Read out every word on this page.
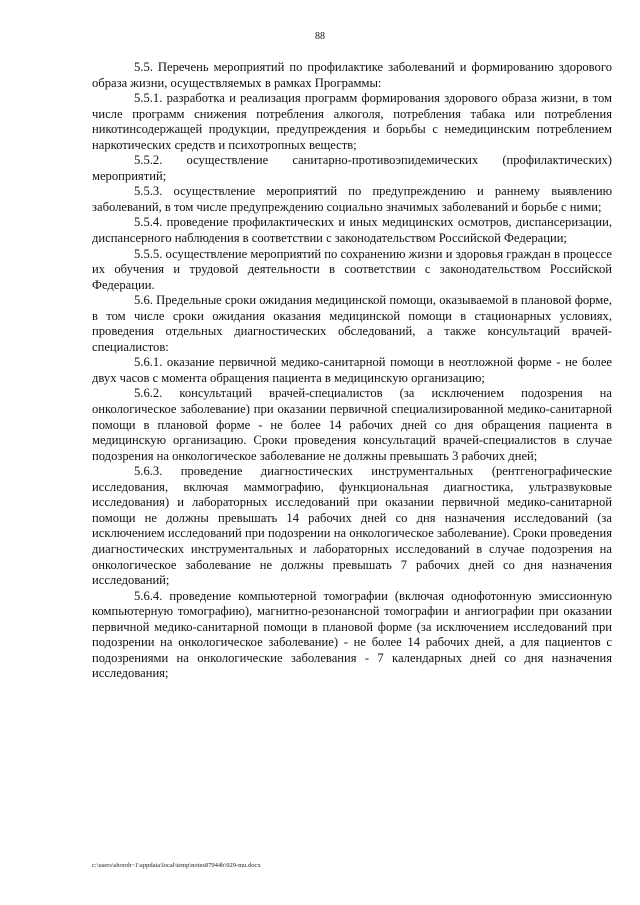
88

5.5. Перечень мероприятий по профилактике заболеваний и формированию здорового образа жизни, осуществляемых в рамках Программы:

5.5.1. разработка и реализация программ формирования здорового образа жизни, в том числе программ снижения потребления алкоголя, потребления табака или потребления никотинсодержащей продукции, предупреждения и борьбы с немедицинским потреблением наркотических средств и психотропных веществ;

5.5.2. осуществление санитарно-противоэпидемических (профилактических) мероприятий;

5.5.3. осуществление мероприятий по предупреждению и раннему выявлению заболеваний, в том числе предупреждению социально значимых заболеваний и борьбе с ними;

5.5.4. проведение профилактических и иных медицинских осмотров, диспансеризации, диспансерного наблюдения в соответствии с законодательством Российской Федерации;

5.5.5. осуществление мероприятий по сохранению жизни и здоровья граждан в процессе их обучения и трудовой деятельности в соответствии с законодательством Российской Федерации.

5.6. Предельные сроки ожидания медицинской помощи, оказываемой в плановой форме, в том числе сроки ожидания оказания медицинской помощи в стационарных условиях, проведения отдельных диагностических обследований, а также консультаций врачей-специалистов:

5.6.1. оказание первичной медико-санитарной помощи в неотложной форме - не более двух часов с момента обращения пациента в медицинскую организацию;

5.6.2. консультаций врачей-специалистов (за исключением подозрения на онкологическое заболевание) при оказании первичной специализированной медико-санитарной помощи в плановой форме - не более 14 рабочих дней со дня обращения пациента в медицинскую организацию. Сроки проведения консультаций врачей-специалистов в случае подозрения на онкологическое заболевание не должны превышать 3 рабочих дней;

5.6.3. проведение диагностических инструментальных (рентгенографические исследования, включая маммографию, функциональная диагностика, ультразвуковые исследования) и лабораторных исследований при оказании первичной медико-санитарной помощи не должны превышать 14 рабочих дней со дня назначения исследований (за исключением исследований при подозрении на онкологическое заболевание). Сроки проведения диагностических инструментальных и лабораторных исследований в случае подозрения на онкологическое заболевание не должны превышать 7 рабочих дней со дня назначения исследований;

5.6.4. проведение компьютерной томографии (включая однофотонную эмиссионную компьютерную томографию), магнитно-резонансной томографии и ангиографии при оказании первичной медико-санитарной помощи в плановой форме (за исключением исследований при подозрении на онкологическое заболевание) - не более 14 рабочих дней, а для пациентов с подозрениями на онкологические заболевания - 7 календарных дней со дня назначения исследования;

c:\users\shoroh~1\appdata\local\temp\notes87944b\929-mu.docx
